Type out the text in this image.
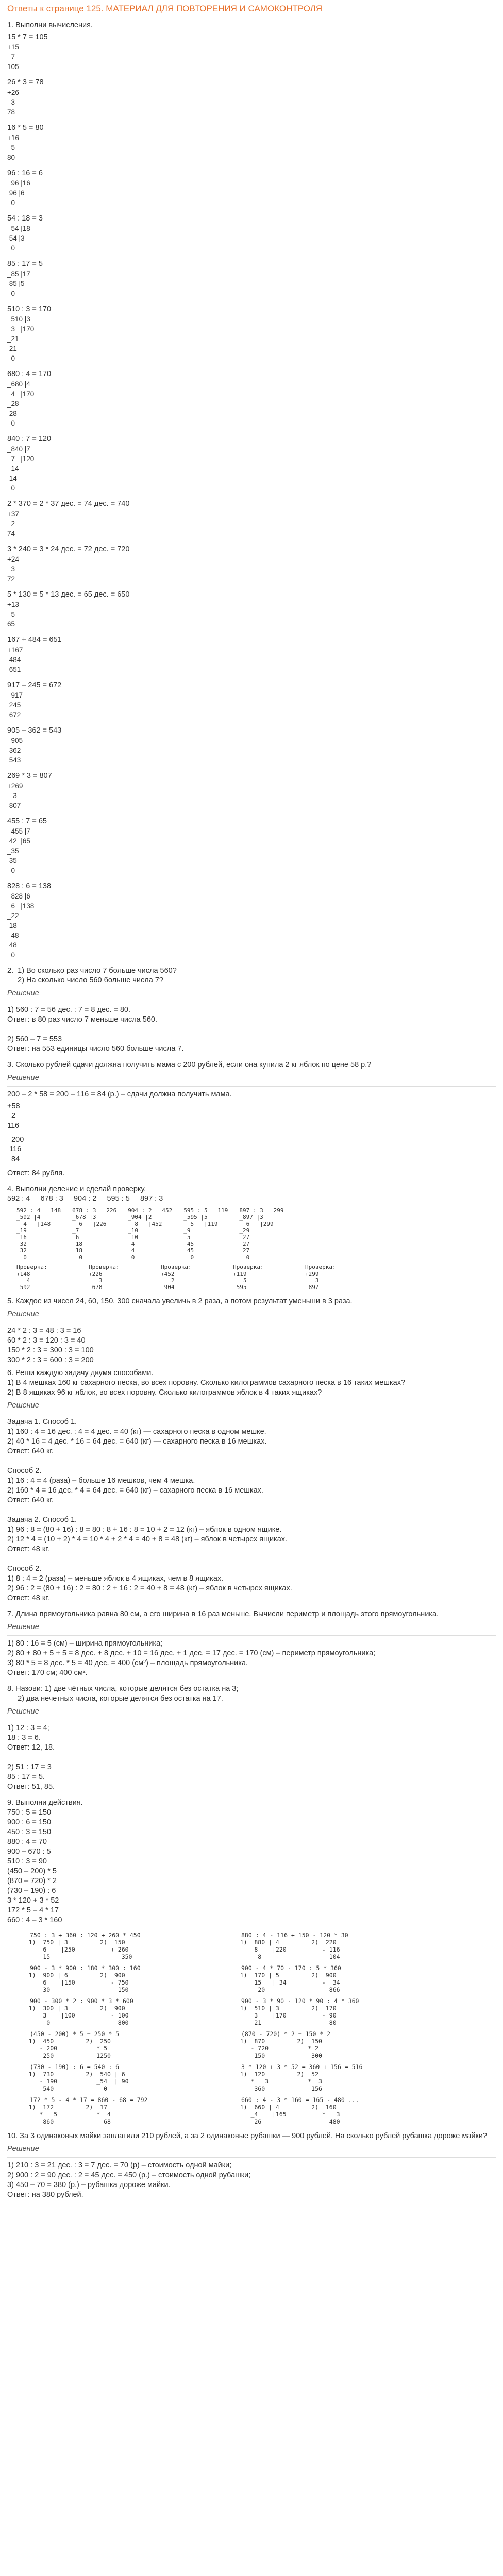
Ответы к странице 125. МАТЕРИАЛ ДЛЯ ПОВТОРЕНИЯ И САМОКОНТРОЛЯ
1. Выполни вычисления.
15 * 7 = 105
+15
7
105
26 * 3 = 78
+26
3
78
16 * 5 = 80
+16
5
80
96 : 16 = 6
_96 |16
96 |6
0
54 : 18 = 3
_54 |18
54 |3
0
85 : 17 = 5
_85 |17
85 |5
0
510 : 3 = 170
_510 |3
3   |170
_21
21
0
680 : 4 = 170
_680 |4
4   |170
_28
28
0
840 : 7 = 120
_840 |7
7   |120
_14
14
0
2 * 370 = 2 * 37 дес. = 74 дес. = 740
+37
2
74
3 * 240 = 3 * 24 дес. = 72 дес. = 720
+24
3
72
5 * 130 = 5 * 13 дес. = 65 дес. = 650
+13
5
65
167 + 484 = 651
+167
484
651
917 – 245 = 672
_917
245
672
905 – 362 = 543
_905
362
543
269 * 3 = 807
+269
3
807
455 : 7 = 65
_455 |7
42  |65
_35
35
0
828 : 6 = 138
_828 |6
6   |138
_22
18
_48
48
0
2.  1) Во сколько раз число 7 больше числа 560?
2) На сколько число 560 больше числа 7?
Решение
1) 560 : 7 = 56 дес. : 7 = 8 дес. = 80.
Ответ: в 80 раз число 7 меньше числа 560.

2) 560 – 7 = 553
Ответ: на 553 единицы число 560 больше числа 7.
3. Сколько рублей сдачи должна получить мама с 200 рублей, если она купила 2 кг яблок по цене 58 р.?
Решение
200 – 2 * 58 = 200 – 116 = 84 (р.) – сдачи должна получить мама.
+58
2
116
_200
116
84
Ответ: 84 рубля.
4. Выполни деление и сделай проверку.
592 : 4     678 : 3     904 : 2     595 : 5     897 : 3
592 : 4 = 148
_592 |4
4   |148
_19
16
_32
32
0
678 : 3 = 226
_678 |3
6   |226
_7
6
_18
18
0
904 : 2 = 452
_904 |2
8   |452
_10
10
_4
4
0
595 : 5 = 119
_595 |5
5   |119
_9
5
_45
45
0
897 : 3 = 299
_897 |3
6   |299
_29
27
_27
27
0
Проверка:
+148
4
592
Проверка:
+226
3
678
Проверка:
+452
2
904
Проверка:
+119
5
595
Проверка:
+299
3
897
5. Каждое из чисел 24, 60, 150, 300 сначала увеличь в 2 раза, а потом результат уменьши в 3 раза.
Решение
24 * 2 : 3 = 48 : 3 = 16
60 * 2 : 3 = 120 : 3 = 40
150 * 2 : 3 = 300 : 3 = 100
300 * 2 : 3 = 600 : 3 = 200
6. Реши каждую задачу двумя способами.
1) В 4 мешках 160 кг сахарного песка, во всех поровну. Сколько килограммов сахарного песка в 16 таких мешках?
2) В 8 ящиках 96 кг яблок, во всех поровну. Сколько килограммов яблок в 4 таких ящиках?
Решение
Задача 1. Способ 1.
1) 160 : 4 = 16 дес. : 4 = 4 дес. = 40 (кг) — сахарного песка в одном мешке.
2) 40 * 16 = 4 дес. * 16 = 64 дес. = 640 (кг) — сахарного песка в 16 мешках.
Ответ: 640 кг.

Способ 2.
1) 16 : 4 = 4 (раза) – больше 16 мешков, чем 4 мешка.
2) 160 * 4 = 16 дес. * 4 = 64 дес. = 640 (кг) – сахарного песка в 16 мешках.
Ответ: 640 кг.

Задача 2. Способ 1.
1) 96 : 8 = (80 + 16) : 8 = 80 : 8 + 16 : 8 = 10 + 2 = 12 (кг) – яблок в одном ящике.
2) 12 * 4 = (10 + 2) * 4 = 10 * 4 + 2 * 4 = 40 + 8 = 48 (кг) – яблок в четырех ящиках.
Ответ: 48 кг.

Способ 2.
1) 8 : 4 = 2 (раза) – меньше яблок в 4 ящиках, чем в 8 ящиках.
2) 96 : 2 = (80 + 16) : 2 = 80 : 2 + 16 : 2 = 40 + 8 = 48 (кг) – яблок в четырех ящиках.
Ответ: 48 кг.
7. Длина прямоугольника равна 80 см, а его ширина в 16 раз меньше. Вычисли периметр и площадь этого прямоугольника.
Решение
1) 80 : 16 = 5 (см) – ширина прямоугольника;
2) 80 + 80 + 5 + 5 = 8 дес. + 8 дес. + 10 = 16 дес. + 1 дес. = 17 дес. = 170 (см) – периметр прямоугольника;
3) 80 * 5 = 8 дес. * 5 = 40 дес. = 400 (см²) – площадь прямоугольника.
Ответ: 170 см; 400 см².
8. Назови: 1) две чётных числа, которые делятся без остатка на 3;
2) два нечетных числа, которые делятся без остатка на 17.
Решение
1) 12 : 3 = 4;
18 : 3 = 6.
Ответ: 12, 18.

2) 51 : 17 = 3
85 : 17 = 5.
Ответ: 51, 85.
9. Выполни действия.
750 : 5 = 150
900 : 6 = 150
450 : 3 = 150
880 : 4 = 70
900 – 670 : 5
510 : 3 = 90
(450 – 200) * 5
(870 – 720) * 2
(730 – 190) : 6
3 * 120 + 3 * 52
172 * 5 – 4 * 17
660 : 4 – 3 * 160
750 : 3 + 360 : 120 + 260 * 450
1)  750 | 3         2)  150
_6    |250          + 260
15                    350
880 : 4 - 116 + 150 - 120 * 30
1)  880 | 4         2)  220
_8    |220          - 116
8                   104
900 - 3 * 900 : 180 * 300 : 160
1)  900 | 6         2)  900
_6    |150          - 750
30                   150
900 - 4 * 70 - 170 : 5 * 360
1)  170 | 5         2)  900
_15   | 34          -  34
20                  866
900 - 300 * 2 : 900 * 3 * 600
1)  300 | 3         2)  900
_3    |100          - 100
0                   800
900 - 3 * 90 - 120 * 90 : 4 * 360
1)  510 | 3         2)  170
_3    |170          - 90
21                   80
(450 - 200) * 5 = 250 * 5
1)  450         2)  250
- 200           * 5
250            1250
(870 - 720) * 2 = 150 * 2
1)  870         2)  150
- 720           * 2
150             300
(730 - 190) : 6 = 540 : 6
1)  730         2)  540 | 6
- 190           _54  | 90
540              0
3 * 120 + 3 * 52 = 360 + 156 = 516
1)  120         2)  52
*   3           *  3
360             156
172 * 5 - 4 * 17 = 860 - 68 = 792
1)  172         2)  17
*   5           *  4
860              68
660 : 4 - 3 * 160 = 165 - 480 ...
1)  660 | 4         2)  160
_4    |165          *   3
26                   480
10. За 3 одинаковых майки заплатили 210 рублей, а за 2 одинаковые рубашки — 900 рублей. На сколько рублей рубашка дороже майки?
Решение
1) 210 : 3 = 21 дес. : 3 = 7 дес. = 70 (р) – стоимость одной майки;
2) 900 : 2 = 90 дес. : 2 = 45 дес. = 450 (р.) – стоимость одной рубашки;
3) 450 – 70 = 380 (р.) – рубашка дороже майки.
Ответ: на 380 рублей.
